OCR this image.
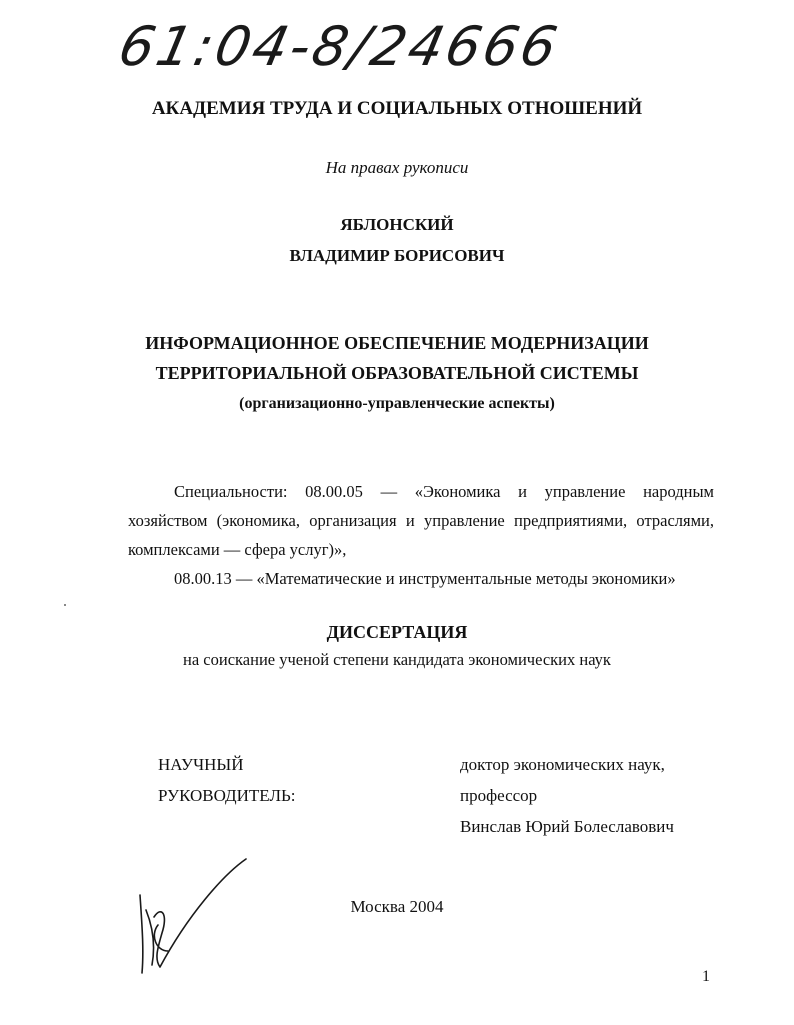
61:04-8/24666
АКАДЕМИЯ ТРУДА И СОЦИАЛЬНЫХ ОТНОШЕНИЙ
На правах рукописи
ЯБЛОНСКИЙ
ВЛАДИМИР БОРИСОВИЧ
ИНФОРМАЦИОННОЕ ОБЕСПЕЧЕНИЕ МОДЕРНИЗАЦИИ
ТЕРРИТОРИАЛЬНОЙ ОБРАЗОВАТЕЛЬНОЙ СИСТЕМЫ
(организационно-управленческие аспекты)

Специальности: 08.00.05 — «Экономика и управление народным хозяйством (экономика, организация и управление предприятиями, отраслями, комплексами — сфера услуг)»,

08.00.13 — «Математические и инструментальные методы экономики»

ДИССЕРТАЦИЯ
на соискание ученой степени кандидата экономических наук
НАУЧНЫЙ
РУКОВОДИТЕЛЬ:
доктор экономических наук,
профессор
Винслав Юрий Болеславович
Москва 2004
1
